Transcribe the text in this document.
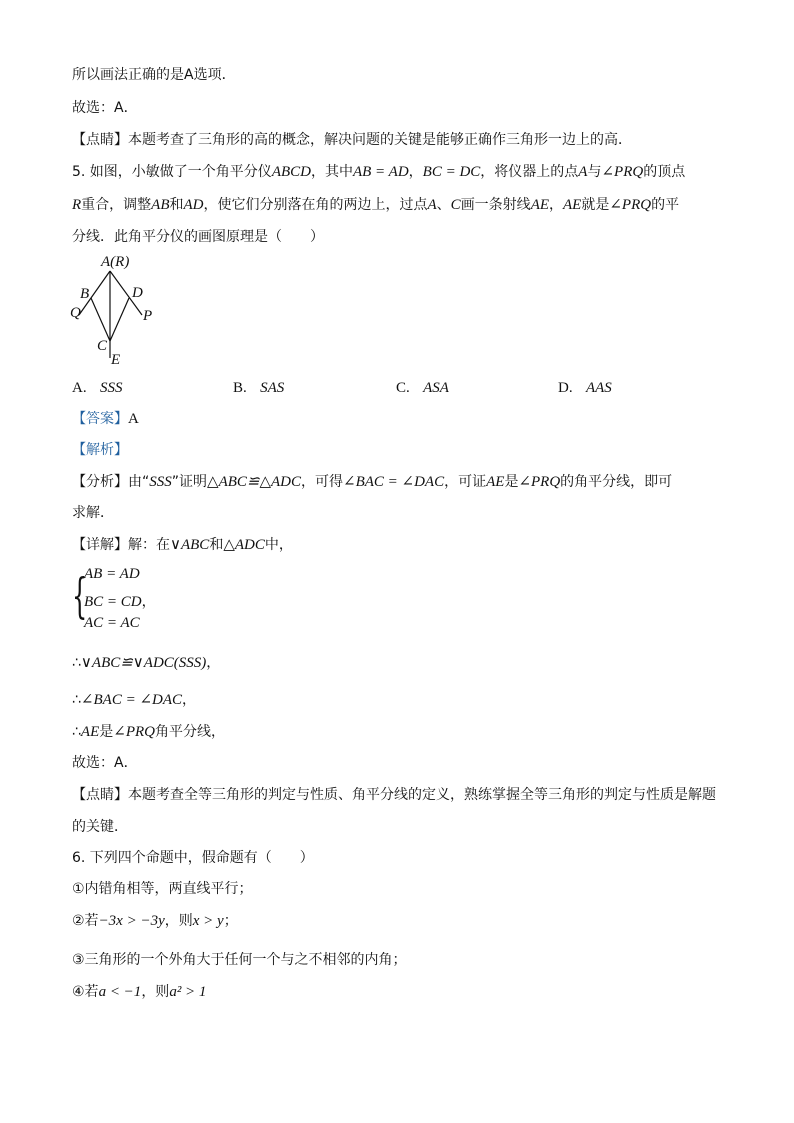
所以画法正确的是A选项．
故选：A．
【点睛】本题考查了三角形的高的概念，解决问题的关键是能够正确作三角形一边上的高．
5. 如图，小敏做了一个角平分仪ABCD，其中AB = AD，BC = DC，将仪器上的点A与∠PRQ的顶点
R重合，调整AB和AD，使它们分别落在角的两边上，过点A、C画一条射线AE，AE就是∠PRQ的平
分线．此角平分仪的画图原理是（　　）
A(R)
B	D
Q	P
C
E
A. SSS	B. SAS	C. ASA	D. AAS
【答案】A
【解析】
【分析】由“SSS”证明△ABC≌△ADC，可得∠BAC = ∠DAC，可证AE是∠PRQ的角平分线，即可
求解．
【详解】解：在∨ABC和△ADC中，
{
AB = AD
BC = CD，
AC = AC
∴∨ABC≌∨ADC(SSS)，
∴∠BAC = ∠DAC，
∴AE是∠PRQ角平分线，
故选：A．
【点睛】本题考查全等三角形的判定与性质、角平分线的定义，熟练掌握全等三角形的判定与性质是解题
的关键．
6. 下列四个命题中，假命题有（　　）
①内错角相等，两直线平行；
②若−3x > −3y，则x > y；
③三角形的一个外角大于任何一个与之不相邻的内角；
④若a < −1，则a² > 1
